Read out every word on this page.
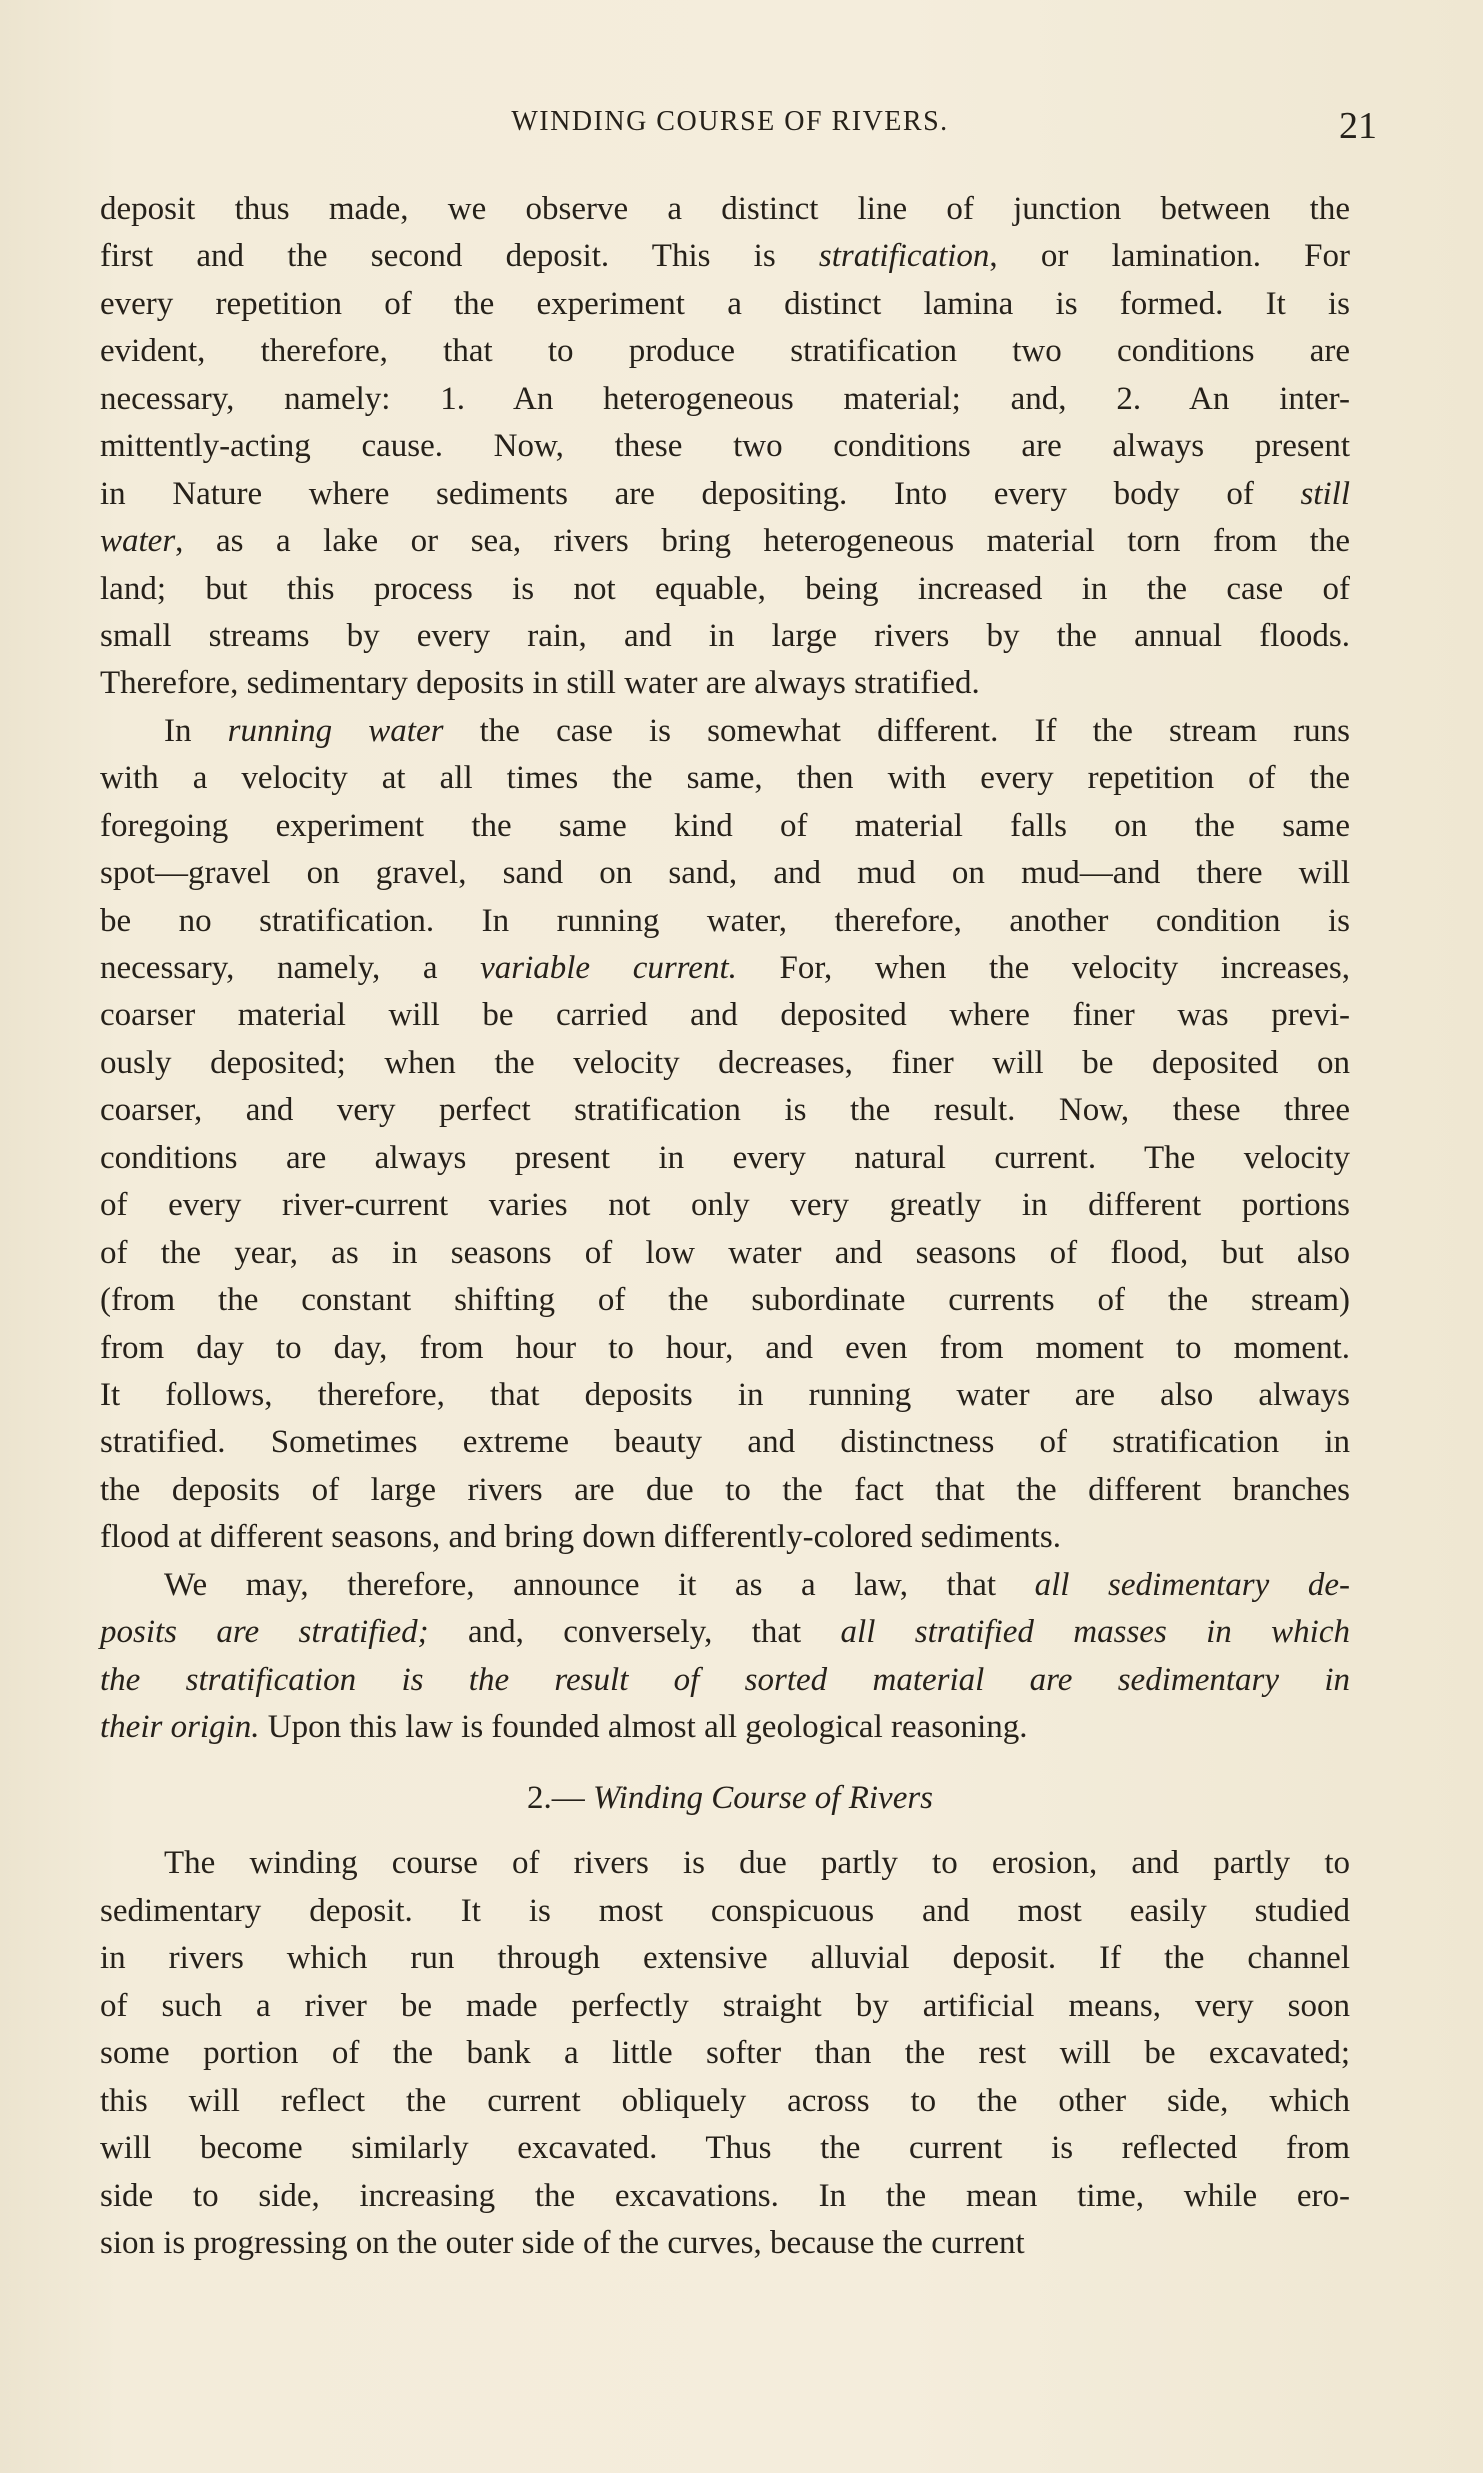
WINDING COURSE OF RIVERS.	21
deposit thus made, we observe a distinct line of junction between the
first and the second deposit. This is stratification, or lamination. For
every repetition of the experiment a distinct lamina is formed. It is
evident, therefore, that to produce stratification two conditions are
necessary, namely: 1. An heterogeneous material; and, 2. An inter-
mittently-acting cause. Now, these two conditions are always present
in Nature where sediments are depositing. Into every body of still
water, as a lake or sea, rivers bring heterogeneous material torn from the
land; but this process is not equable, being increased in the case of
small streams by every rain, and in large rivers by the annual floods.
Therefore, sedimentary deposits in still water are always stratified.
In running water the case is somewhat different. If the stream runs
with a velocity at all times the same, then with every repetition of the
foregoing experiment the same kind of material falls on the same
spot—gravel on gravel, sand on sand, and mud on mud—and there will
be no stratification. In running water, therefore, another condition is
necessary, namely, a variable current. For, when the velocity increases,
coarser material will be carried and deposited where finer was previ-
ously deposited; when the velocity decreases, finer will be deposited on
coarser, and very perfect stratification is the result. Now, these three
conditions are always present in every natural current. The velocity
of every river-current varies not only very greatly in different portions
of the year, as in seasons of low water and seasons of flood, but also
(from the constant shifting of the subordinate currents of the stream)
from day to day, from hour to hour, and even from moment to moment.
It follows, therefore, that deposits in running water are also always
stratified. Sometimes extreme beauty and distinctness of stratification in
the deposits of large rivers are due to the fact that the different branches
flood at different seasons, and bring down differently-colored sediments.
We may, therefore, announce it as a law, that all sedimentary de-
posits are stratified; and, conversely, that all stratified masses in which
the stratification is the result of sorted material are sedimentary in
their origin. Upon this law is founded almost all geological reasoning.
2.— Winding Course of Rivers
The winding course of rivers is due partly to erosion, and partly to
sedimentary deposit. It is most conspicuous and most easily studied
in rivers which run through extensive alluvial deposit. If the channel
of such a river be made perfectly straight by artificial means, very soon
some portion of the bank a little softer than the rest will be excavated;
this will reflect the current obliquely across to the other side, which
will become similarly excavated. Thus the current is reflected from
side to side, increasing the excavations. In the mean time, while ero-
sion is progressing on the outer side of the curves, because the current
